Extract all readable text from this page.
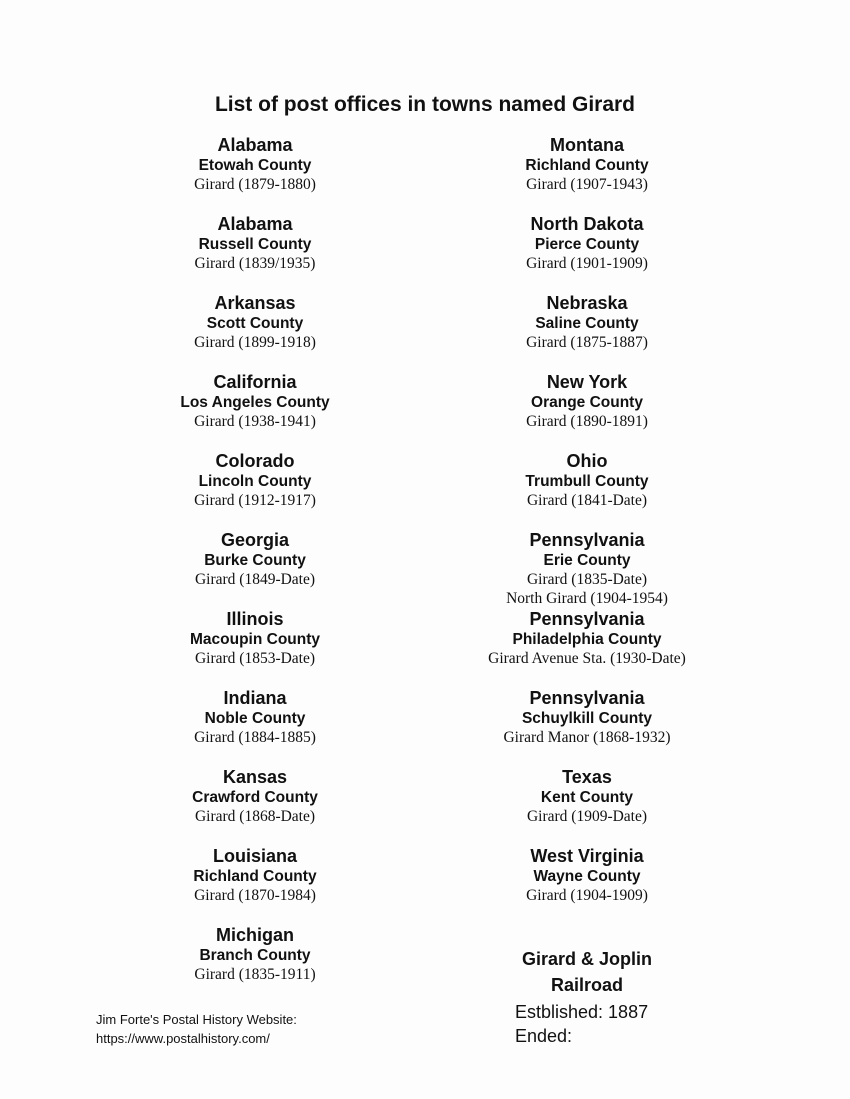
List of post offices in towns named Girard
Alabama
Etowah County
Girard (1879-1880)
Alabama
Russell County
Girard (1839/1935)
Arkansas
Scott County
Girard (1899-1918)
California
Los Angeles County
Girard (1938-1941)
Colorado
Lincoln County
Girard (1912-1917)
Georgia
Burke County
Girard (1849-Date)
Illinois
Macoupin County
Girard (1853-Date)
Indiana
Noble County
Girard (1884-1885)
Kansas
Crawford County
Girard (1868-Date)
Louisiana
Richland County
Girard (1870-1984)
Michigan
Branch County
Girard (1835-1911)
Montana
Richland County
Girard (1907-1943)
North Dakota
Pierce County
Girard (1901-1909)
Nebraska
Saline County
Girard (1875-1887)
New York
Orange County
Girard (1890-1891)
Ohio
Trumbull County
Girard (1841-Date)
Pennsylvania
Erie County
Girard (1835-Date)
North Girard (1904-1954)
Pennsylvania
Philadelphia County
Girard Avenue Sta. (1930-Date)
Pennsylvania
Schuylkill County
Girard Manor (1868-1932)
Texas
Kent County
Girard (1909-Date)
West Virginia
Wayne County
Girard (1904-1909)
Girard & Joplin
Railroad
Estblished: 1887
Ended:
Jim Forte's Postal History Website:
https://www.postalhistory.com/
